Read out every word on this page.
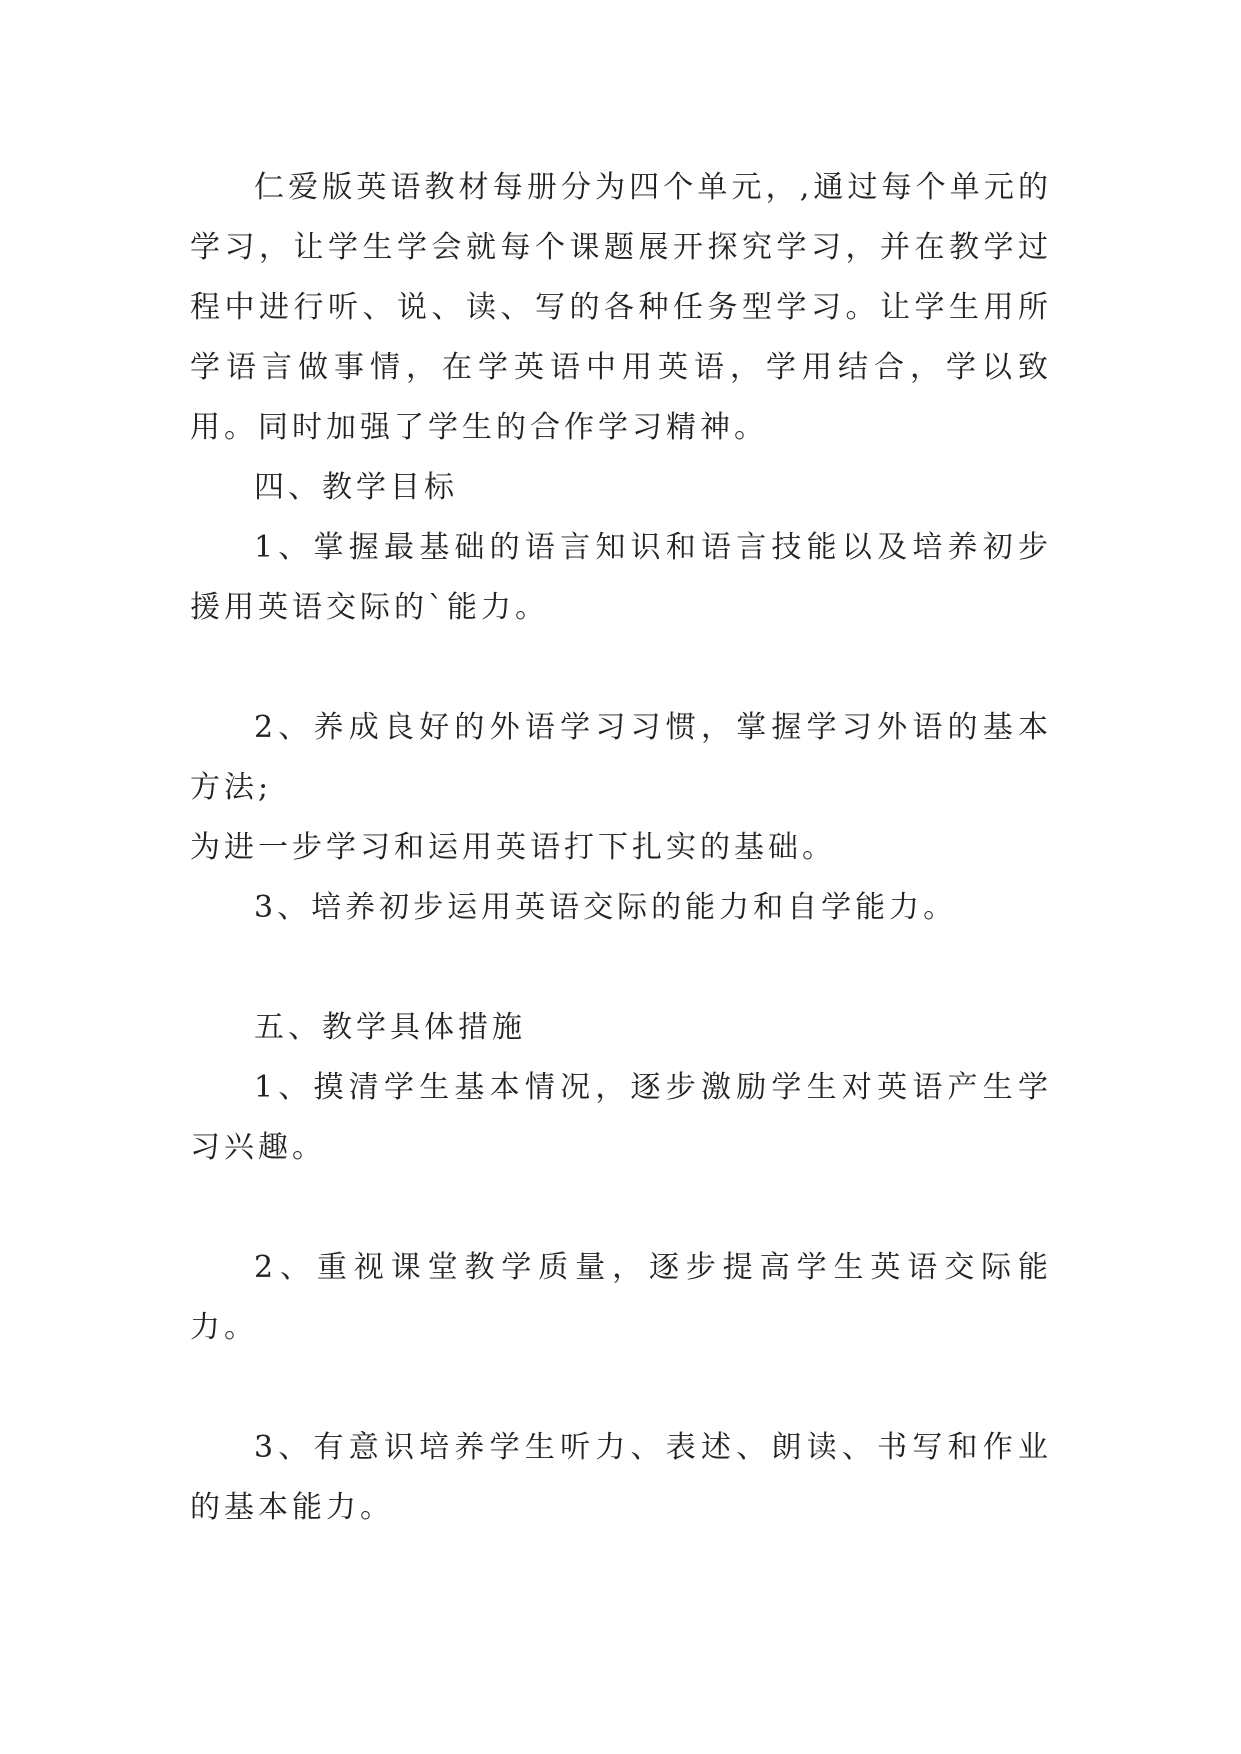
仁爱版英语教材每册分为四个单元，,通过每个单元的学习，让学生学会就每个课题展开探究学习，并在教学过程中进行听、说、读、写的各种任务型学习。让学生用所学语言做事情，在学英语中用英语，学用结合，学以致用。同时加强了学生的合作学习精神。

四、教学目标

1、掌握最基础的语言知识和语言技能以及培养初步援用英语交际的`能力。

2、养成良好的外语学习习惯，掌握学习外语的基本方法;

为进一步学习和运用英语打下扎实的基础。

3、培养初步运用英语交际的能力和自学能力。

五、教学具体措施

1、摸清学生基本情况，逐步激励学生对英语产生学习兴趣。

2、重视课堂教学质量，逐步提高学生英语交际能力。

3、有意识培养学生听力、表述、朗读、书写和作业的基本能力。
